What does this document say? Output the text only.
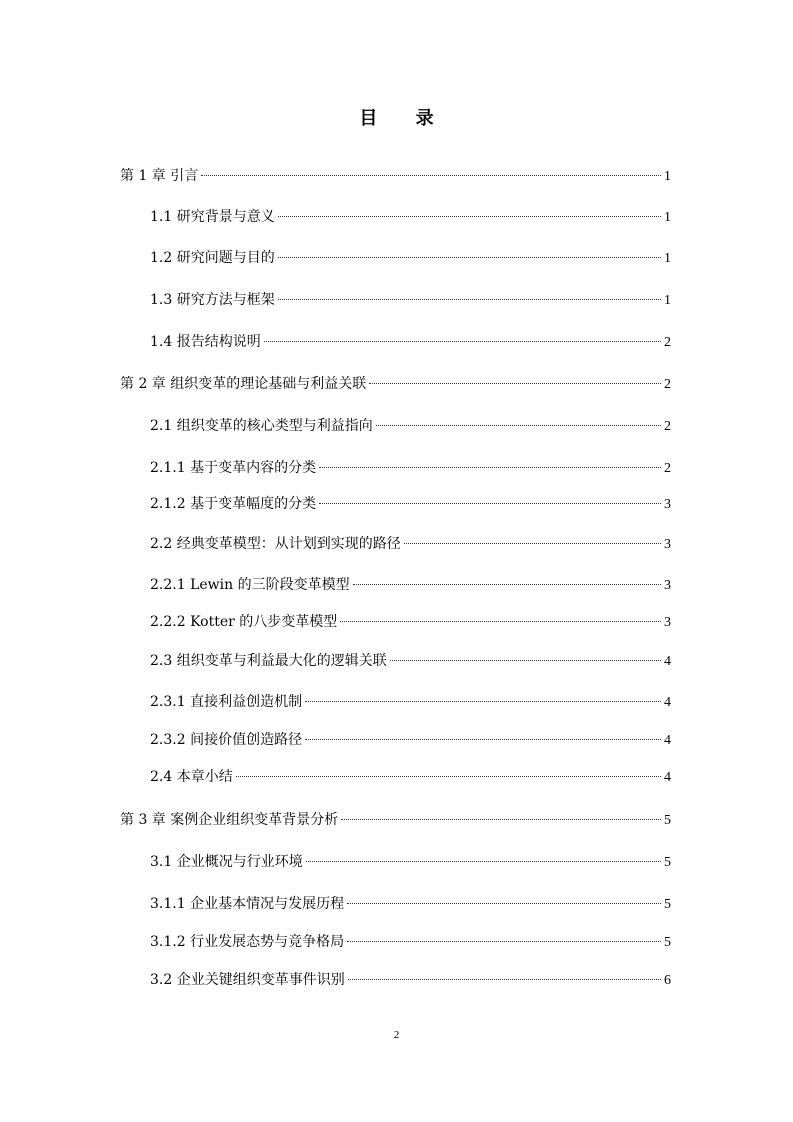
目 录
第 1 章 引言	1
1.1 研究背景与意义	1
1.2 研究问题与目的	1
1.3 研究方法与框架	1
1.4 报告结构说明	2
第 2 章 组织变革的理论基础与利益关联	2
2.1 组织变革的核心类型与利益指向	2
2.1.1 基于变革内容的分类	2
2.1.2 基于变革幅度的分类	3
2.2 经典变革模型：从计划到实现的路径	3
2.2.1 Lewin 的三阶段变革模型	3
2.2.2 Kotter 的八步变革模型	3
2.3 组织变革与利益最大化的逻辑关联	4
2.3.1 直接利益创造机制	4
2.3.2 间接价值创造路径	4
2.4 本章小结	4
第 3 章 案例企业组织变革背景分析	5
3.1 企业概况与行业环境	5
3.1.1 企业基本情况与发展历程	5
3.1.2 行业发展态势与竞争格局	5
3.2 企业关键组织变革事件识别	6
2
